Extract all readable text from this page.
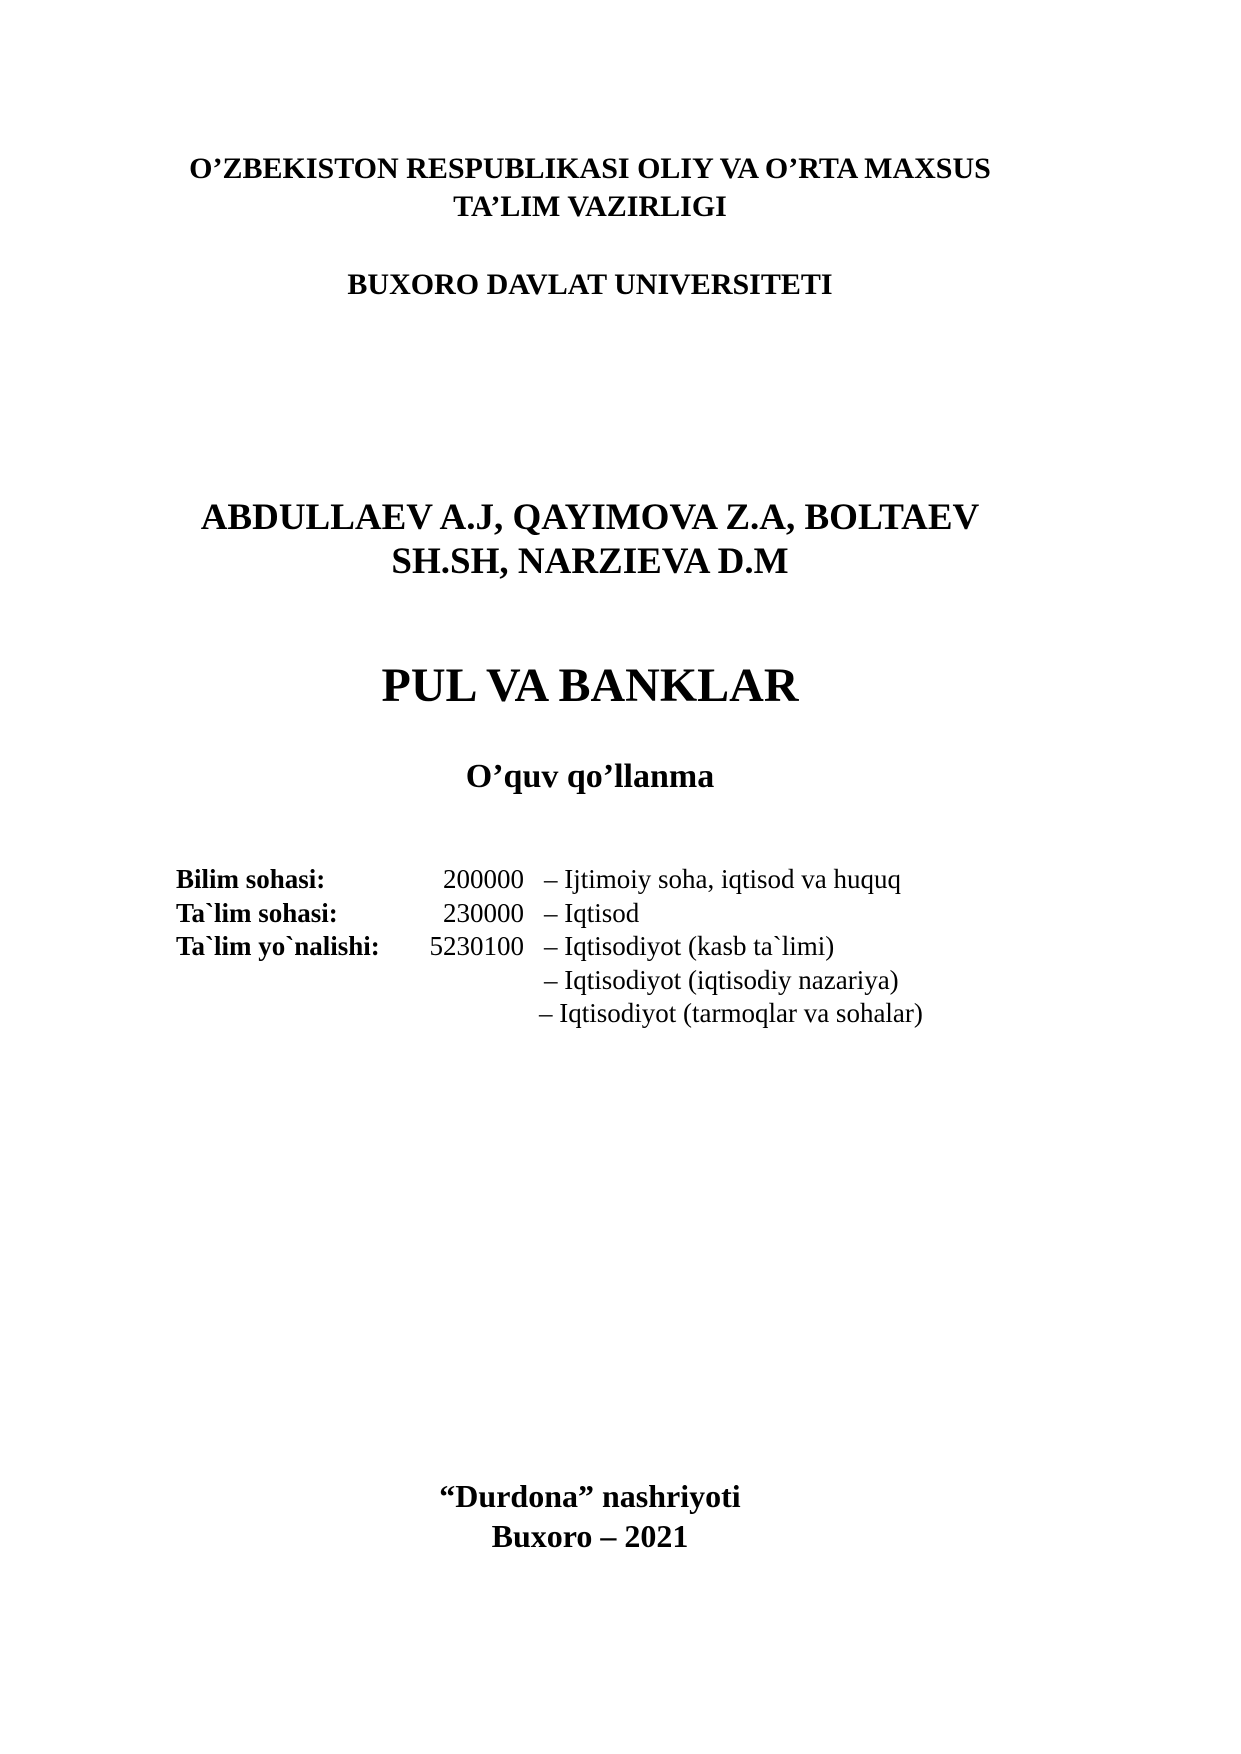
O’ZBEKISTON RESPUBLIKASI OLIY VA O’RTA MAXSUS
TA’LIM VAZIRLIGI
BUXORO DAVLAT UNIVERSITETI
ABDULLAEV A.J, QAYIMOVA Z.A, BOLTAEV
SH.SH, NARZIEVA D.M
PUL VA BANKLAR
O’quv qo’llanma
Bilim sohasi:	200000 – Ijtimoiy soha, iqtisod va huquq
Ta`lim sohasi:	230000 – Iqtisod
Ta`lim yo`nalishi:	5230100 – Iqtisodiyot (kasb ta`limi)
– Iqtisodiyot (iqtisodiy nazariya)
– Iqtisodiyot (tarmoqlar va sohalar)
“Durdona” nashriyoti
Buxoro – 2021
